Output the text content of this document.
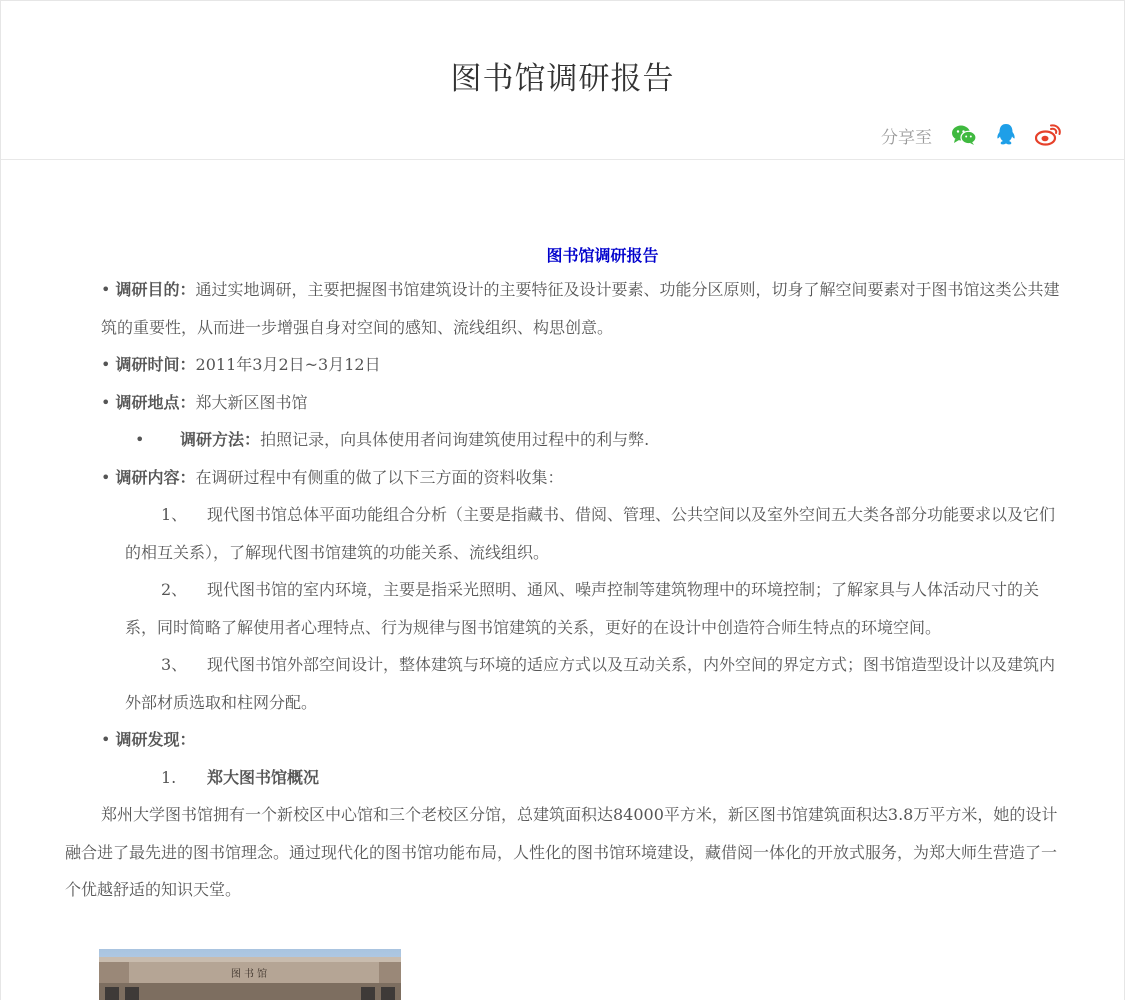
图书馆调研报告
分享至

图书馆调研报告

• 调研目的：通过实地调研，主要把握图书馆建筑设计的主要特征及设计要素、功能分区原则，切身了解空间要素对于图书馆这类公共建筑的重要性，从而进一步增强自身对空间的感知、流线组织、构思创意。

• 调研时间：2011年3月2日~3月12日

• 调研地点：郑大新区图书馆

•       调研方法：拍照记录，向具体使用者问询建筑使用过程中的利与弊.

• 调研内容：在调研过程中有侧重的做了以下三方面的资料收集：

1、 现代图书馆总体平面功能组合分析（主要是指藏书、借阅、管理、公共空间以及室外空间五大类各部分功能要求以及它们的相互关系），了解现代图书馆建筑的功能关系、流线组织。

2、 现代图书馆的室内环境，主要是指采光照明、通风、噪声控制等建筑物理中的环境控制；了解家具与人体活动尺寸的关系，同时简略了解使用者心理特点、行为规律与图书馆建筑的关系，更好的在设计中创造符合师生特点的环境空间。

3、 现代图书馆外部空间设计，整体建筑与环境的适应方式以及互动关系，内外空间的界定方式；图书馆造型设计以及建筑内外部材质选取和柱网分配。

• 调研发现：

1. 郑大图书馆概况

郑州大学图书馆拥有一个新校区中心馆和三个老校区分馆，总建筑面积达84000平方米，新区图书馆建筑面积达3.8万平方米，她的设计融合进了最先进的图书馆理念。通过现代化的图书馆功能布局，人性化的图书馆环境建设，藏借阅一体化的开放式服务，为郑大师生营造了一个优越舒适的知识天堂。

图 书 馆
